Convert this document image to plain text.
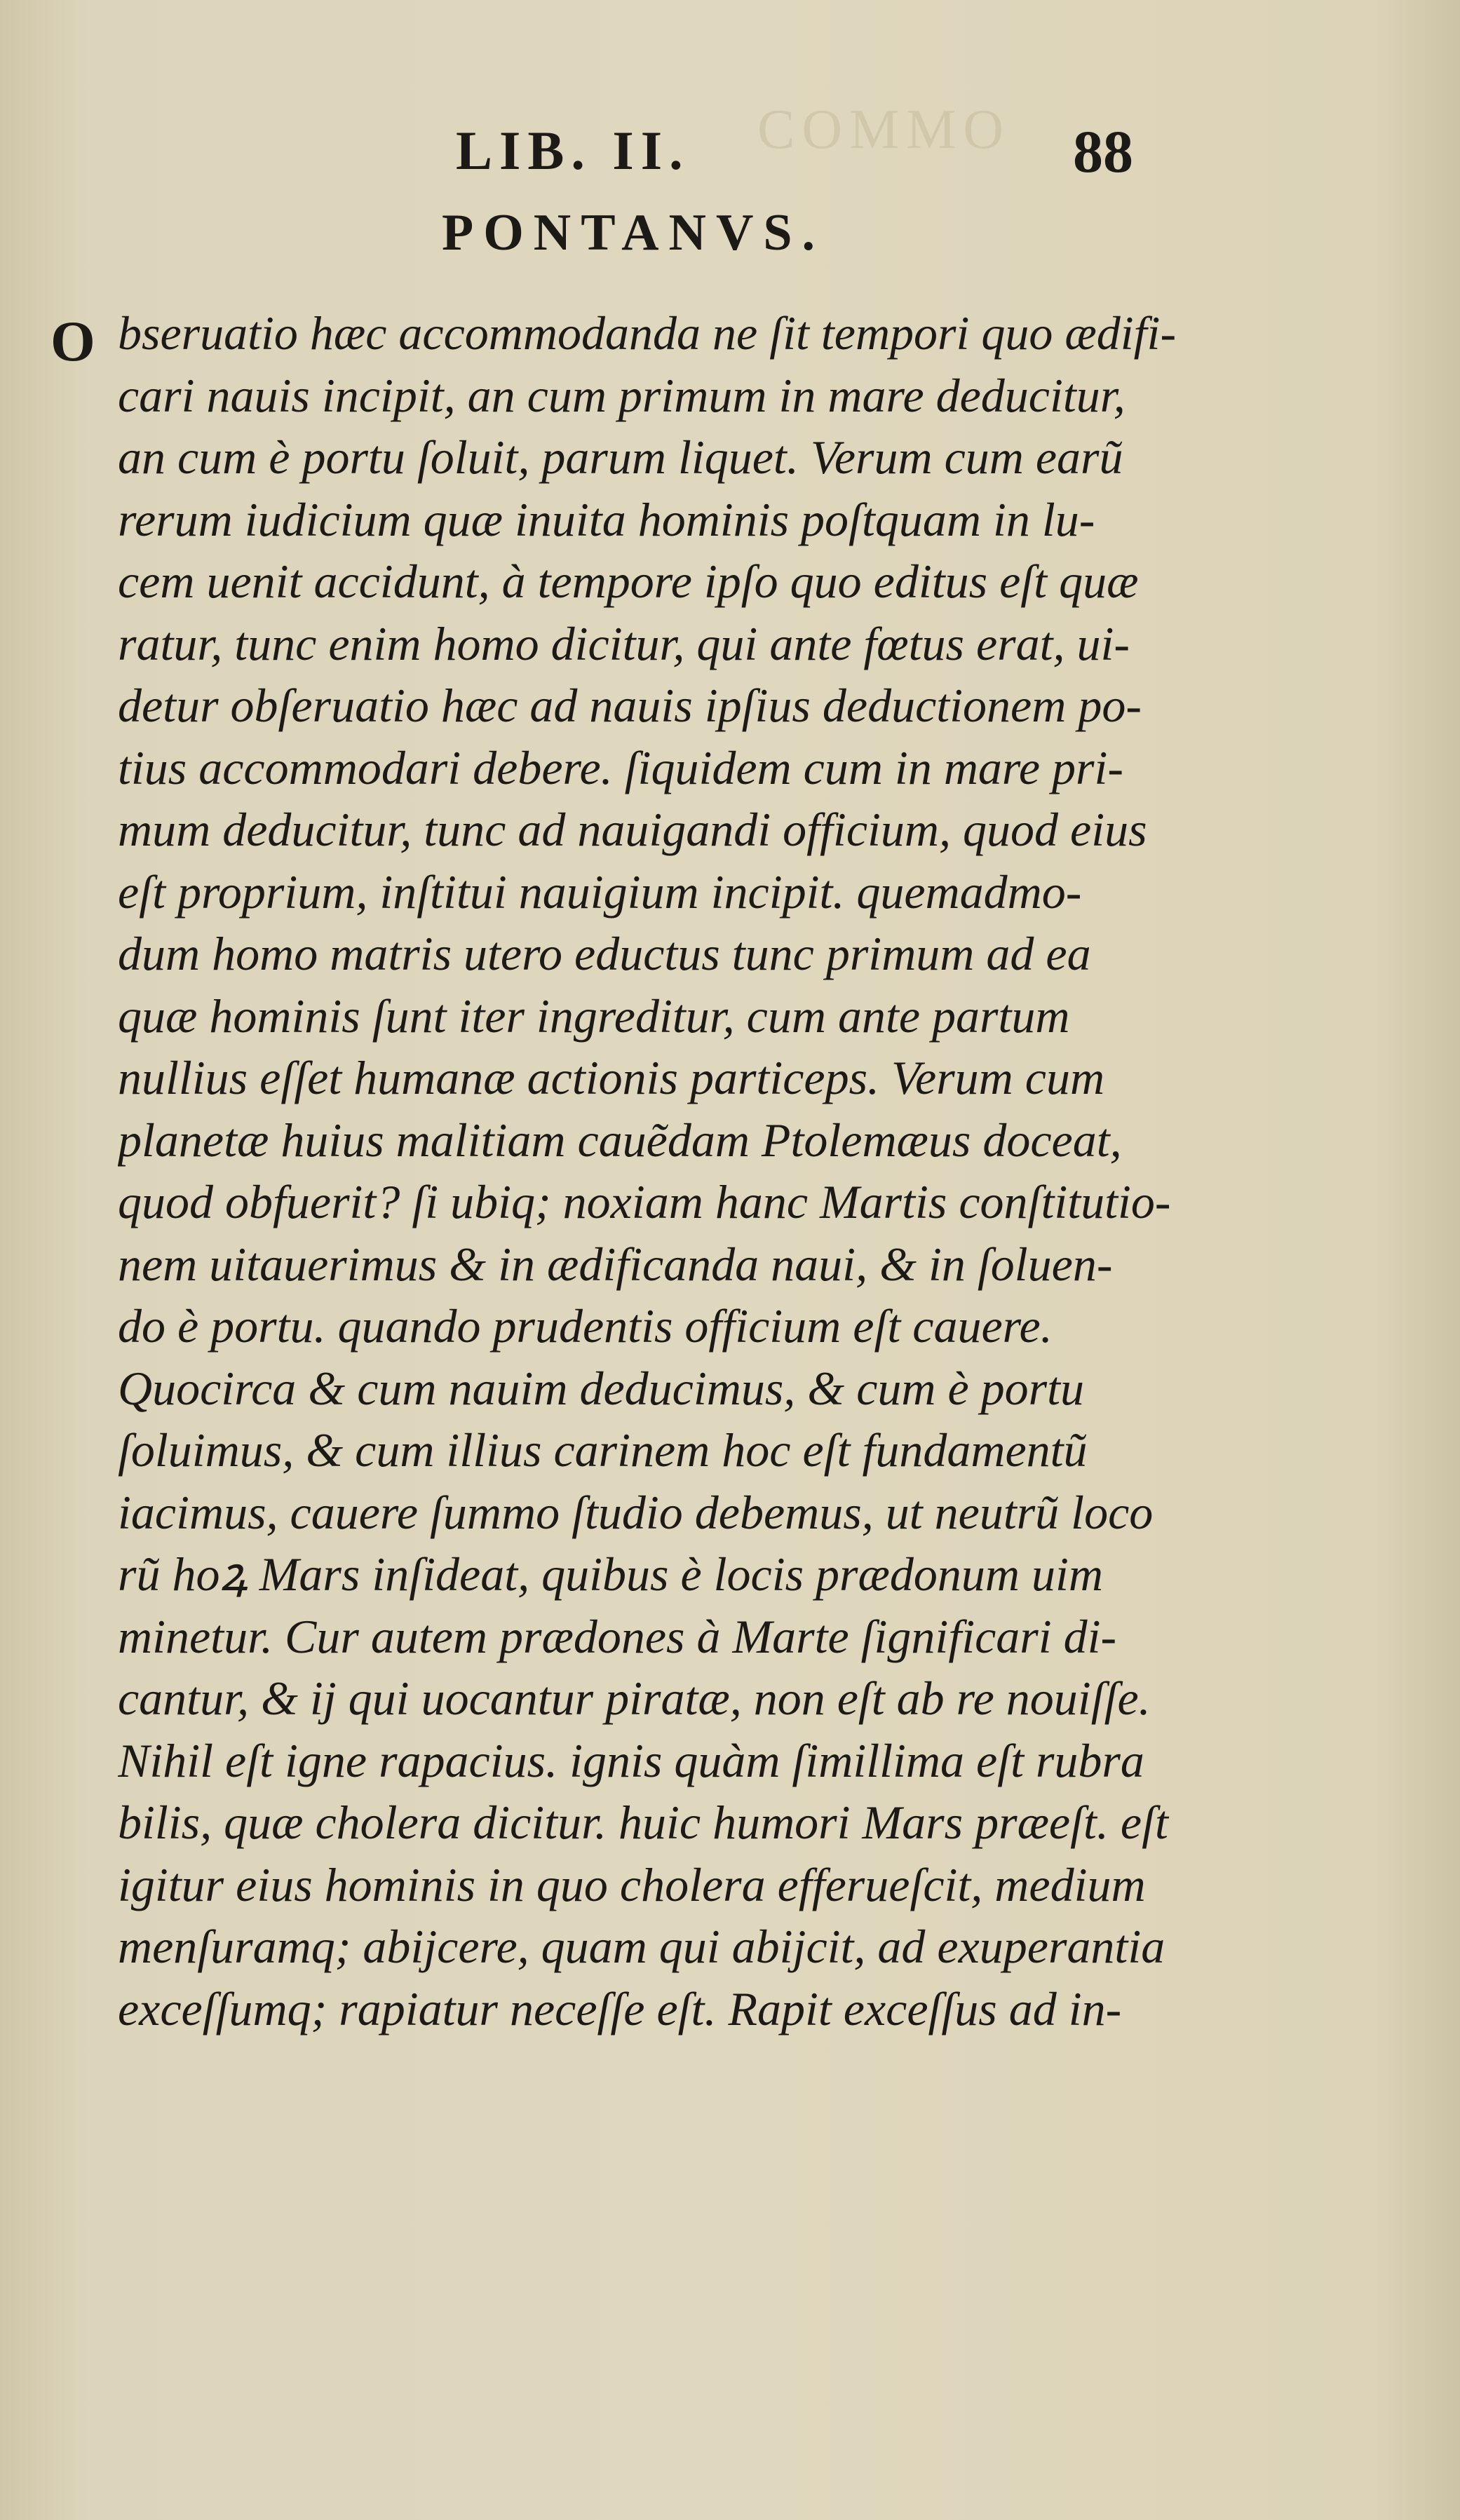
COMMO
LIB. II.	88
PONTANVS.
O bseruatio hæc accommodanda ne ſit tempori quo ædifi-
cari nauis incipit, an cum primum in mare deducitur,
an cum è portu ſoluit, parum liquet. Verum cum earũ
rerum iudicium quæ inuita hominis poſtquam in lu-
cem uenit accidunt, à tempore ipſo quo editus eſt quæ
ratur, tunc enim homo dicitur, qui ante fœtus erat, ui-
detur obſeruatio hæc ad nauis ipſius deductionem po-
tius accommodari debere. ſiquidem cum in mare pri-
mum deducitur, tunc ad nauigandi officium, quod eius
eſt proprium, inſtitui nauigium incipit. quemadmo-
dum homo matris utero eductus tunc primum ad ea
quæ hominis ſunt iter ingreditur, cum ante partum
nullius eſſet humanæ actionis particeps. Verum cum
planetæ huius malitiam cauẽdam Ptolemæus doceat,
quod obfuerit? ſi ubiq; noxiam hanc Martis conſtitutio-
nem uitauerimus & in ædificanda naui, & in ſoluen-
do è portu. quando prudentis officium eſt cauere.
Quocirca & cum nauim deducimus, & cum è portu
ſoluimus, & cum illius carinem hoc eſt fundamentũ
iacimus, cauere ſummo ſtudio debemus, ut neutrũ loco
rũ hoꝝ Mars inſideat, quibus è locis prædonum uim
minetur. Cur autem prædones à Marte ſignificari di-
cantur, & ij qui uocantur piratæ, non eſt ab re nouiſſe.
Nihil eſt igne rapacius. ignis quàm ſimillima eſt rubra
bilis, quæ cholera dicitur. huic humori Mars præeſt. eſt
igitur eius hominis in quo cholera efferueſcit, medium
menſuramq; abijcere, quam qui abijcit, ad exuperantia
exceſſumq; rapiatur neceſſe eſt. Rapit exceſſus ad in-
